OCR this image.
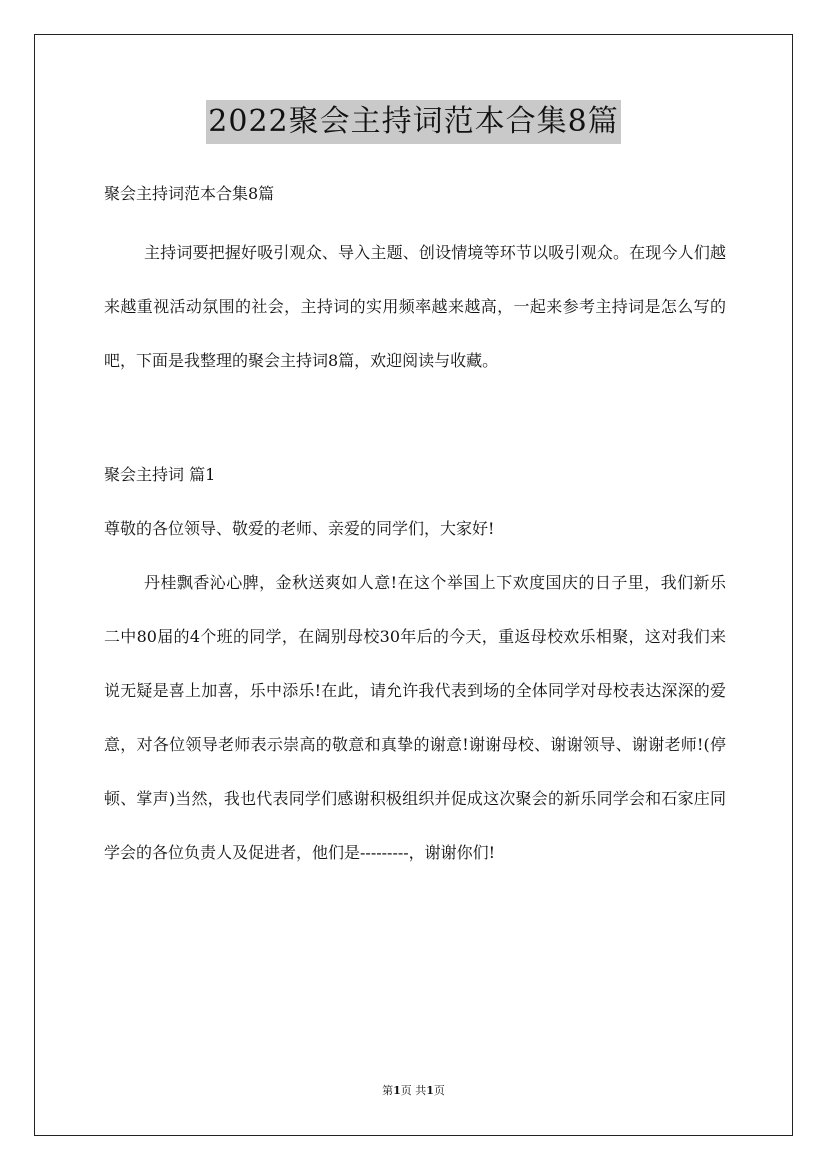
2022聚会主持词范本合集8篇

聚会主持词范本合集8篇

主持词要把握好吸引观众、导入主题、创设情境等环节以吸引观众。在现今人们越来越重视活动氛围的社会，主持词的实用频率越来越高，一起来参考主持词是怎么写的吧，下面是我整理的聚会主持词8篇，欢迎阅读与收藏。

聚会主持词 篇1

尊敬的各位领导、敬爱的老师、亲爱的同学们，大家好!

丹桂飘香沁心脾，金秋送爽如人意!在这个举国上下欢度国庆的日子里，我们新乐二中80届的4个班的同学，在阔别母校30年后的今天，重返母校欢乐相聚，这对我们来说无疑是喜上加喜，乐中添乐!在此，请允许我代表到场的全体同学对母校表达深深的爱意，对各位领导老师表示崇高的敬意和真挚的谢意!谢谢母校、谢谢领导、谢谢老师!(停顿、掌声)当然，我也代表同学们感谢积极组织并促成这次聚会的新乐同学会和石家庄同学会的各位负责人及促进者，他们是---------，谢谢你们!

第1页 共1页
